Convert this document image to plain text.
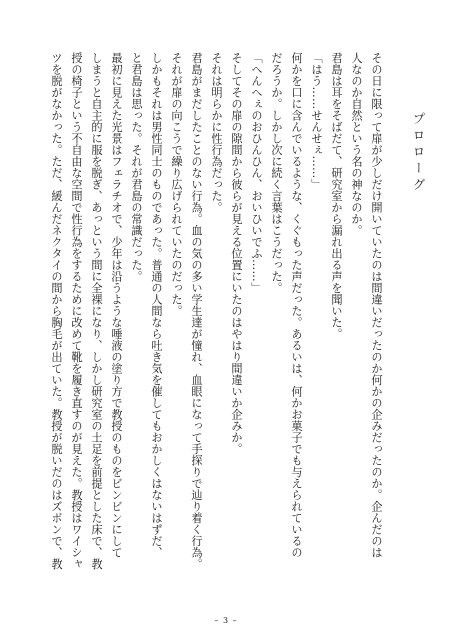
プロローグ
その日に限って扉が少しだけ開いていたのは間違いだったのか何かの企みだったのか。企んだのは
人なのか自然という名の神なのか。
君島は耳をそばだて、研究室から漏れ出る声を聞いた。
「はう……せんせぇ……」
何かを口に含んでいるような、くぐもった声だった。あるいは、何かお菓子でも与えられているの
だろうか。しかし次に続く言葉はこうだった。
「へんへぇのおひんひん、おいひいでふ……」
そしてその扉の隙間から彼らが見える位置にいたのはやはり間違いか企みか。
それは明らかに性行為だった。
君島がまだしたことのない行為。血の気の多い学生達が憧れ、血眼になって手探りで辿り着く行為。
それが扉の向こうで繰り広げられていたのだった。
しかもそれは男性同士のものであった。普通の人間なら吐き気を催してもおかしくはないはずだ、
と君島は思った。それが君島の常識だった。
最初に見えた光景はフェラチオで、少年は沿うような唾液の塗り方で教授のものをビンビンにして
しまうと自主的に服を脱ぎ、あっという間に全裸になり、しかし研究室の土足を前提とした床で、教
授の椅子という不自由な空間で性行為をするために改めて靴を履き直すのが見えた。教授はワイシャ
ツを脱がなかった。ただ、緩んだネクタイの間から胸毛が出ていた。教授が脱いだのはズボンで、教
– 3 –
